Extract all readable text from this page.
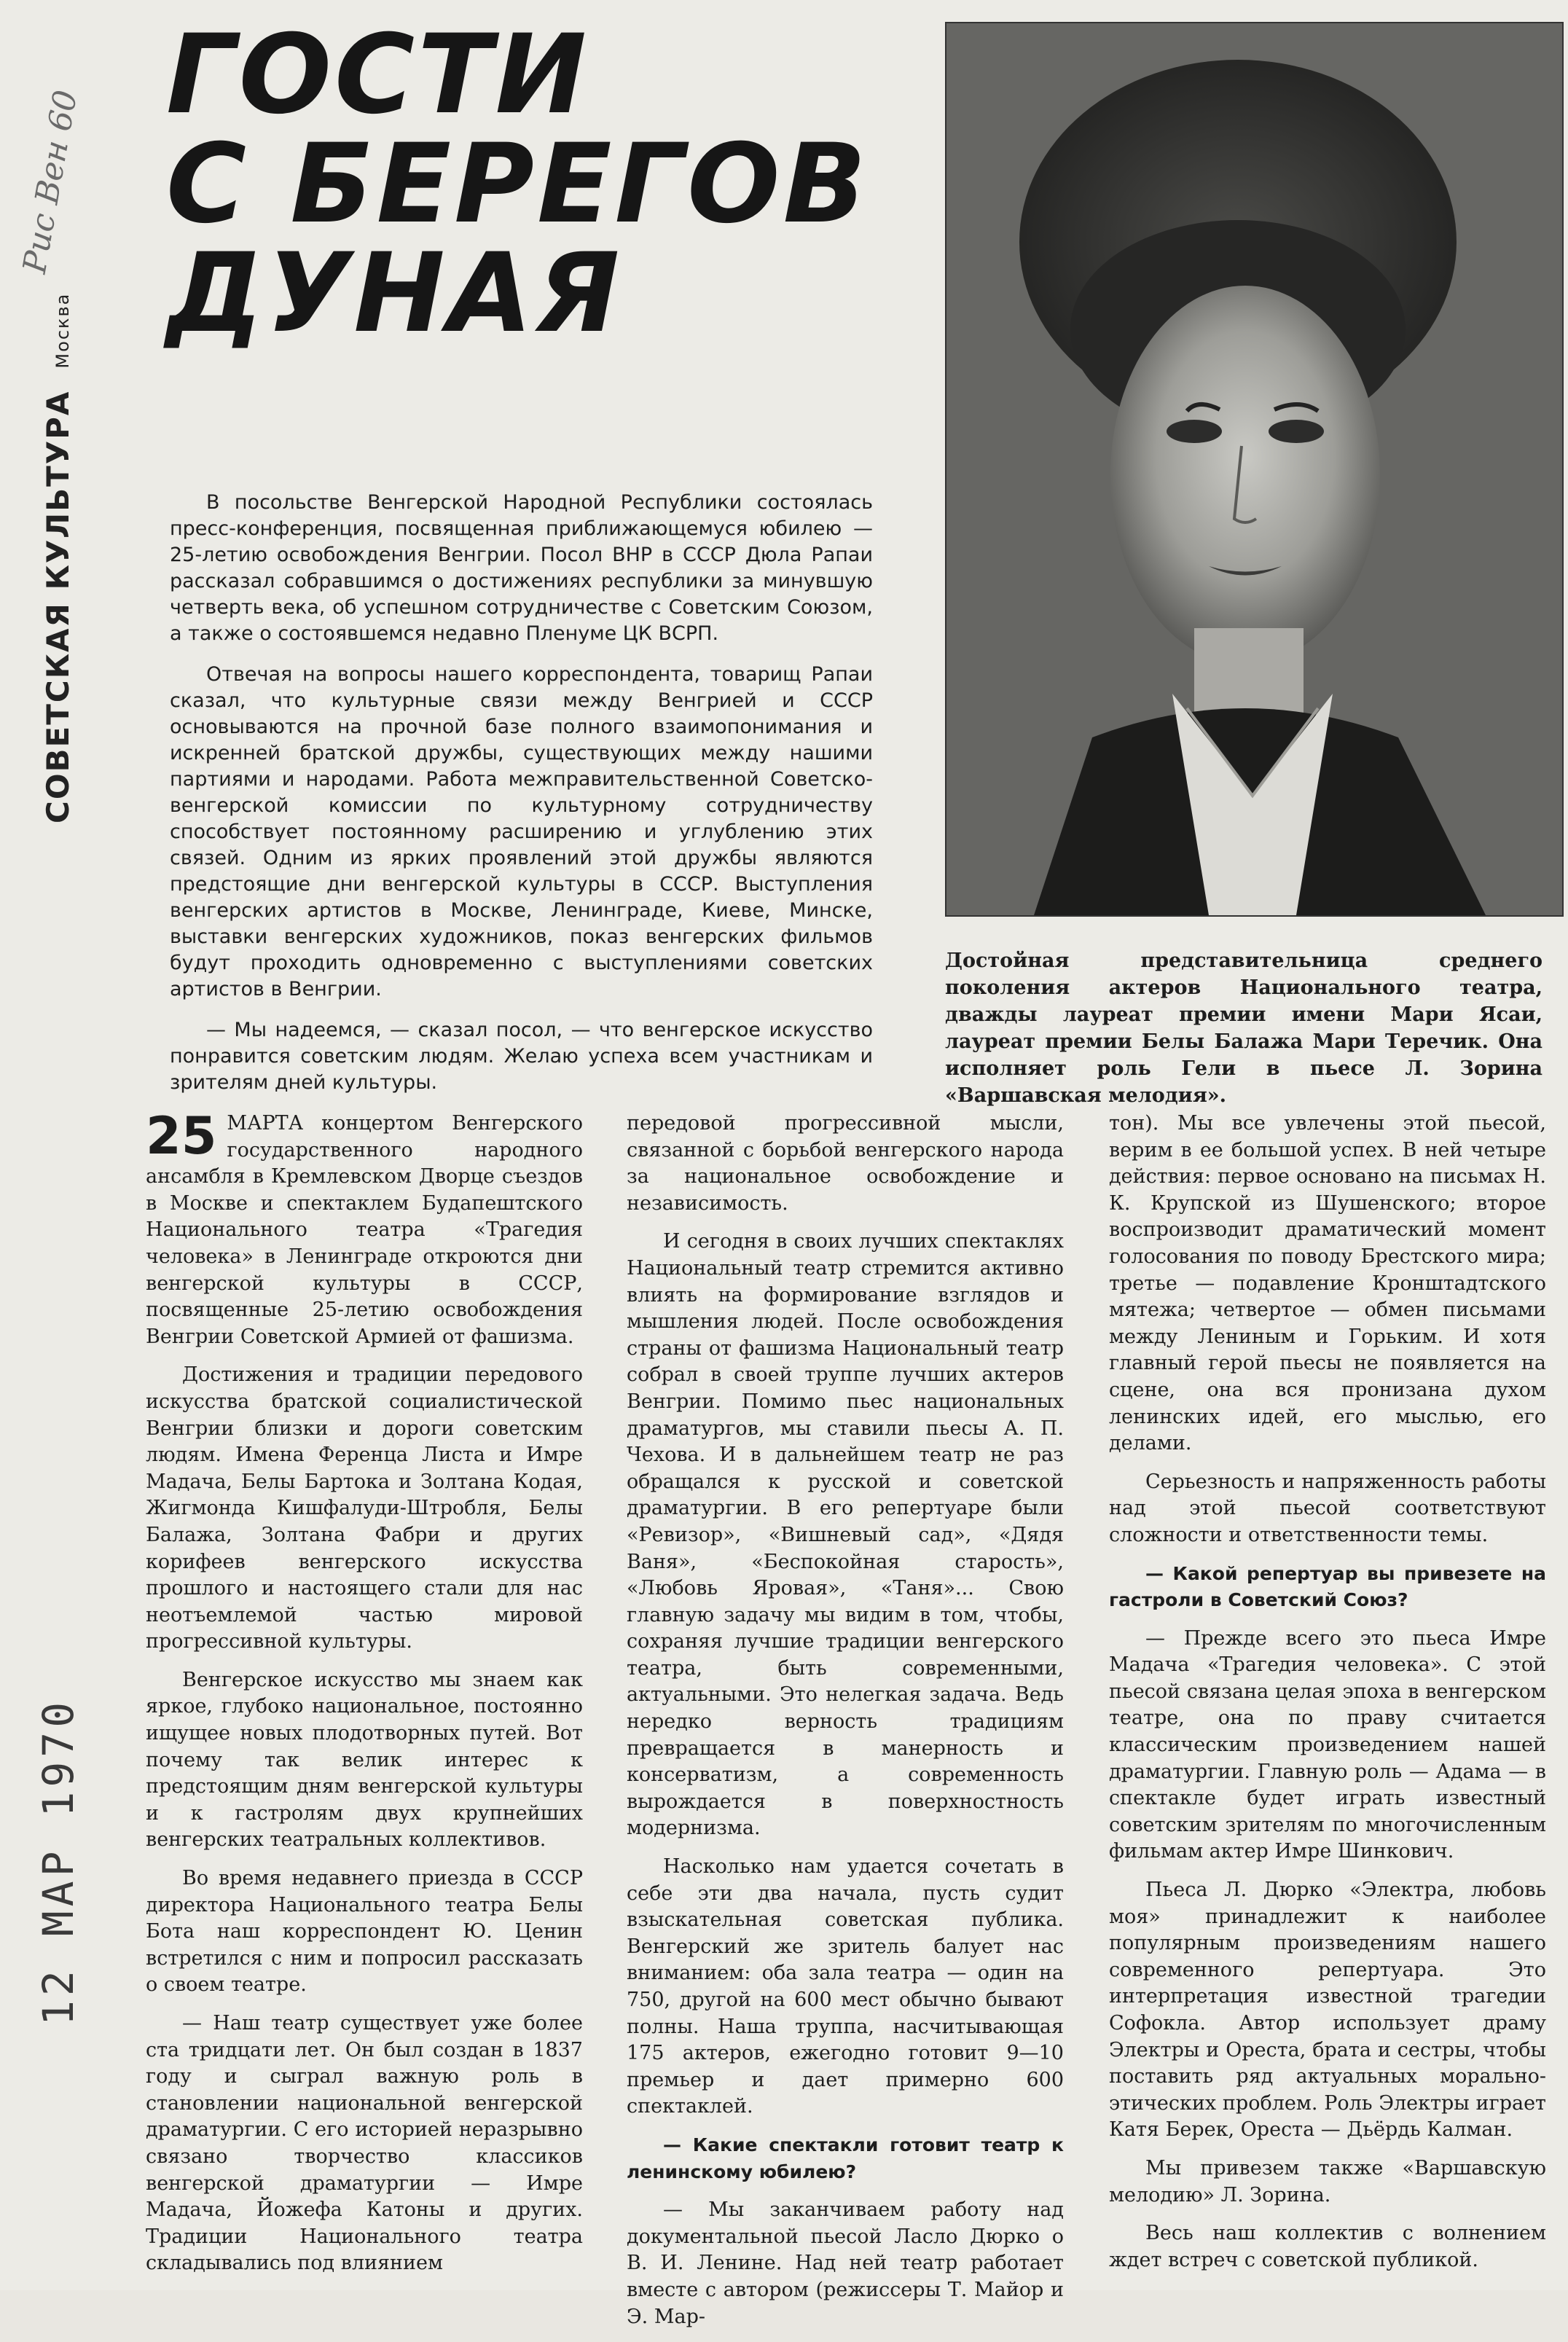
Рис Вен 60
ГОСТИ
С БЕРЕГОВ
ДУНАЯ
Достойная представительница среднего поколения актеров Национального театра, дважды лауреат премии имени Мари Ясаи, лауреат премии Белы Балажа Мари Теречик. Она исполняет роль Гели в пьесе Л. Зорина «Варшавская мелодия».

В посольстве Венгерской Народной Республики состоялась пресс-конференция, посвященная приближающемуся юбилею — 25-летию освобождения Венгрии. Посол ВНР в СССР Дюла Рапаи рассказал собравшимся о достижениях республики за минувшую четверть века, об успешном сотрудничестве с Советским Союзом, а также о состоявшемся недавно Пленуме ЦК ВСРП.

Отвечая на вопросы нашего корреспондента, товарищ Рапаи сказал, что культурные связи между Венгрией и СССР основываются на прочной базе полного взаимопонимания и искренней братской дружбы, существующих между нашими партиями и народами. Работа межправительственной Советско-венгерской комиссии по культурному сотрудничеству способствует постоянному расширению и углублению этих связей. Одним из ярких проявлений этой дружбы являются предстоящие дни венгерской культуры в СССР. Выступления венгерских артистов в Москве, Ленинграде, Киеве, Минске, выставки венгерских художников, показ венгерских фильмов будут проходить одновременно с выступлениями советских артистов в Венгрии.

— Мы надеемся, — сказал посол, — что венгерское искусство понравится советским людям. Желаю успеха всем участникам и зрителям дней культуры.

СОВЕТСКАЯ КУЛЬТУРАМосква
12 МАР 1970

25 МАРТА концертом Венгерского государственного народного ансамбля в Кремлевском Дворце съездов в Москве и спектаклем Будапештского Национального театра «Трагедия человека» в Ленинграде откроются дни венгерской культуры в СССР, посвященные 25-летию освобождения Венгрии Советской Армией от фашизма.

Достижения и традиции передового искусства братской социалистической Венгрии близки и дороги советским людям. Имена Ференца Листа и Имре Мадача, Белы Бартока и Золтана Кодая, Жигмонда Кишфалуди-Штробля, Белы Балажа, Золтана Фабри и других корифеев венгерского искусства прошлого и настоящего стали для нас неотъемлемой частью мировой прогрессивной культуры.

Венгерское искусство мы знаем как яркое, глубоко национальное, постоянно ищущее новых плодотворных путей. Вот почему так велик интерес к предстоящим дням венгерской культуры и к гастролям двух крупнейших венгерских театральных коллективов.

Во время недавнего приезда в СССР директора Национального театра Белы Бота наш корреспондент Ю. Ценин встретился с ним и попросил рассказать о своем театре.

— Наш театр существует уже более ста тридцати лет. Он был создан в 1837 году и сыграл важную роль в становлении национальной венгерской драматургии. С его историей неразрывно связано творчество классиков венгерской драматургии — Имре Мадача, Йожефа Катоны и других. Традиции Национального театра складывались под влиянием

передовой прогрессивной мысли, связанной с борьбой венгерского народа за национальное освобождение и независимость.

И сегодня в своих лучших спектаклях Национальный театр стремится активно влиять на формирование взглядов и мышления людей. После освобождения страны от фашизма Национальный театр собрал в своей труппе лучших актеров Венгрии. Помимо пьес национальных драматургов, мы ставили пьесы А. П. Чехова. И в дальнейшем театр не раз обращался к русской и советской драматургии. В его репертуаре были «Ревизор», «Вишневый сад», «Дядя Ваня», «Беспокойная старость», «Любовь Яровая», «Таня»... Свою главную задачу мы видим в том, чтобы, сохраняя лучшие традиции венгерского театра, быть современными, актуальными. Это нелегкая задача. Ведь нередко верность традициям превращается в манерность и консерватизм, а современность вырождается в поверхностность модернизма.

Насколько нам удается сочетать в себе эти два начала, пусть судит взыскательная советская публика. Венгерский же зритель балует нас вниманием: оба зала театра — один на 750, другой на 600 мест обычно бывают полны. Наша труппа, насчитывающая 175 актеров, ежегодно готовит 9—10 премьер и дает примерно 600 спектаклей.

— Какие спектакли готовит театр к ленинскому юбилею?

— Мы заканчиваем работу над документальной пьесой Ласло Дюрко о В. И. Ленине. Над ней театр работает вместе с автором (режиссеры Т. Майор и Э. Мар-

тон). Мы все увлечены этой пьесой, верим в ее большой успех. В ней четыре действия: первое основано на письмах Н. К. Крупской из Шушенского; второе воспроизводит драматический момент голосования по поводу Брестского мира; третье — подавление Кронштадтского мятежа; четвертое — обмен письмами между Лениным и Горьким. И хотя главный герой пьесы не появляется на сцене, она вся пронизана духом ленинских идей, его мыслью, его делами.

Серьезность и напряженность работы над этой пьесой соответствуют сложности и ответственности темы.

— Какой репертуар вы привезете на гастроли в Советский Союз?

— Прежде всего это пьеса Имре Мадача «Трагедия человека». С этой пьесой связана целая эпоха в венгерском театре, она по праву считается классическим произведением нашей драматургии. Главную роль — Адама — в спектакле будет играть известный советским зрителям по многочисленным фильмам актер Имре Шинкович.

Пьеса Л. Дюрко «Электра, любовь моя» принадлежит к наиболее популярным произведениям нашего современного репертуара. Это интерпретация известной трагедии Софокла. Автор использует драму Электры и Ореста, брата и сестры, чтобы поставить ряд актуальных морально-этических проблем. Роль Электры играет Катя Берек, Ореста — Дьёрдь Калман.

Мы привезем также «Варшавскую мелодию» Л. Зорина.

Весь наш коллектив с волнением ждет встреч с советской публикой.
